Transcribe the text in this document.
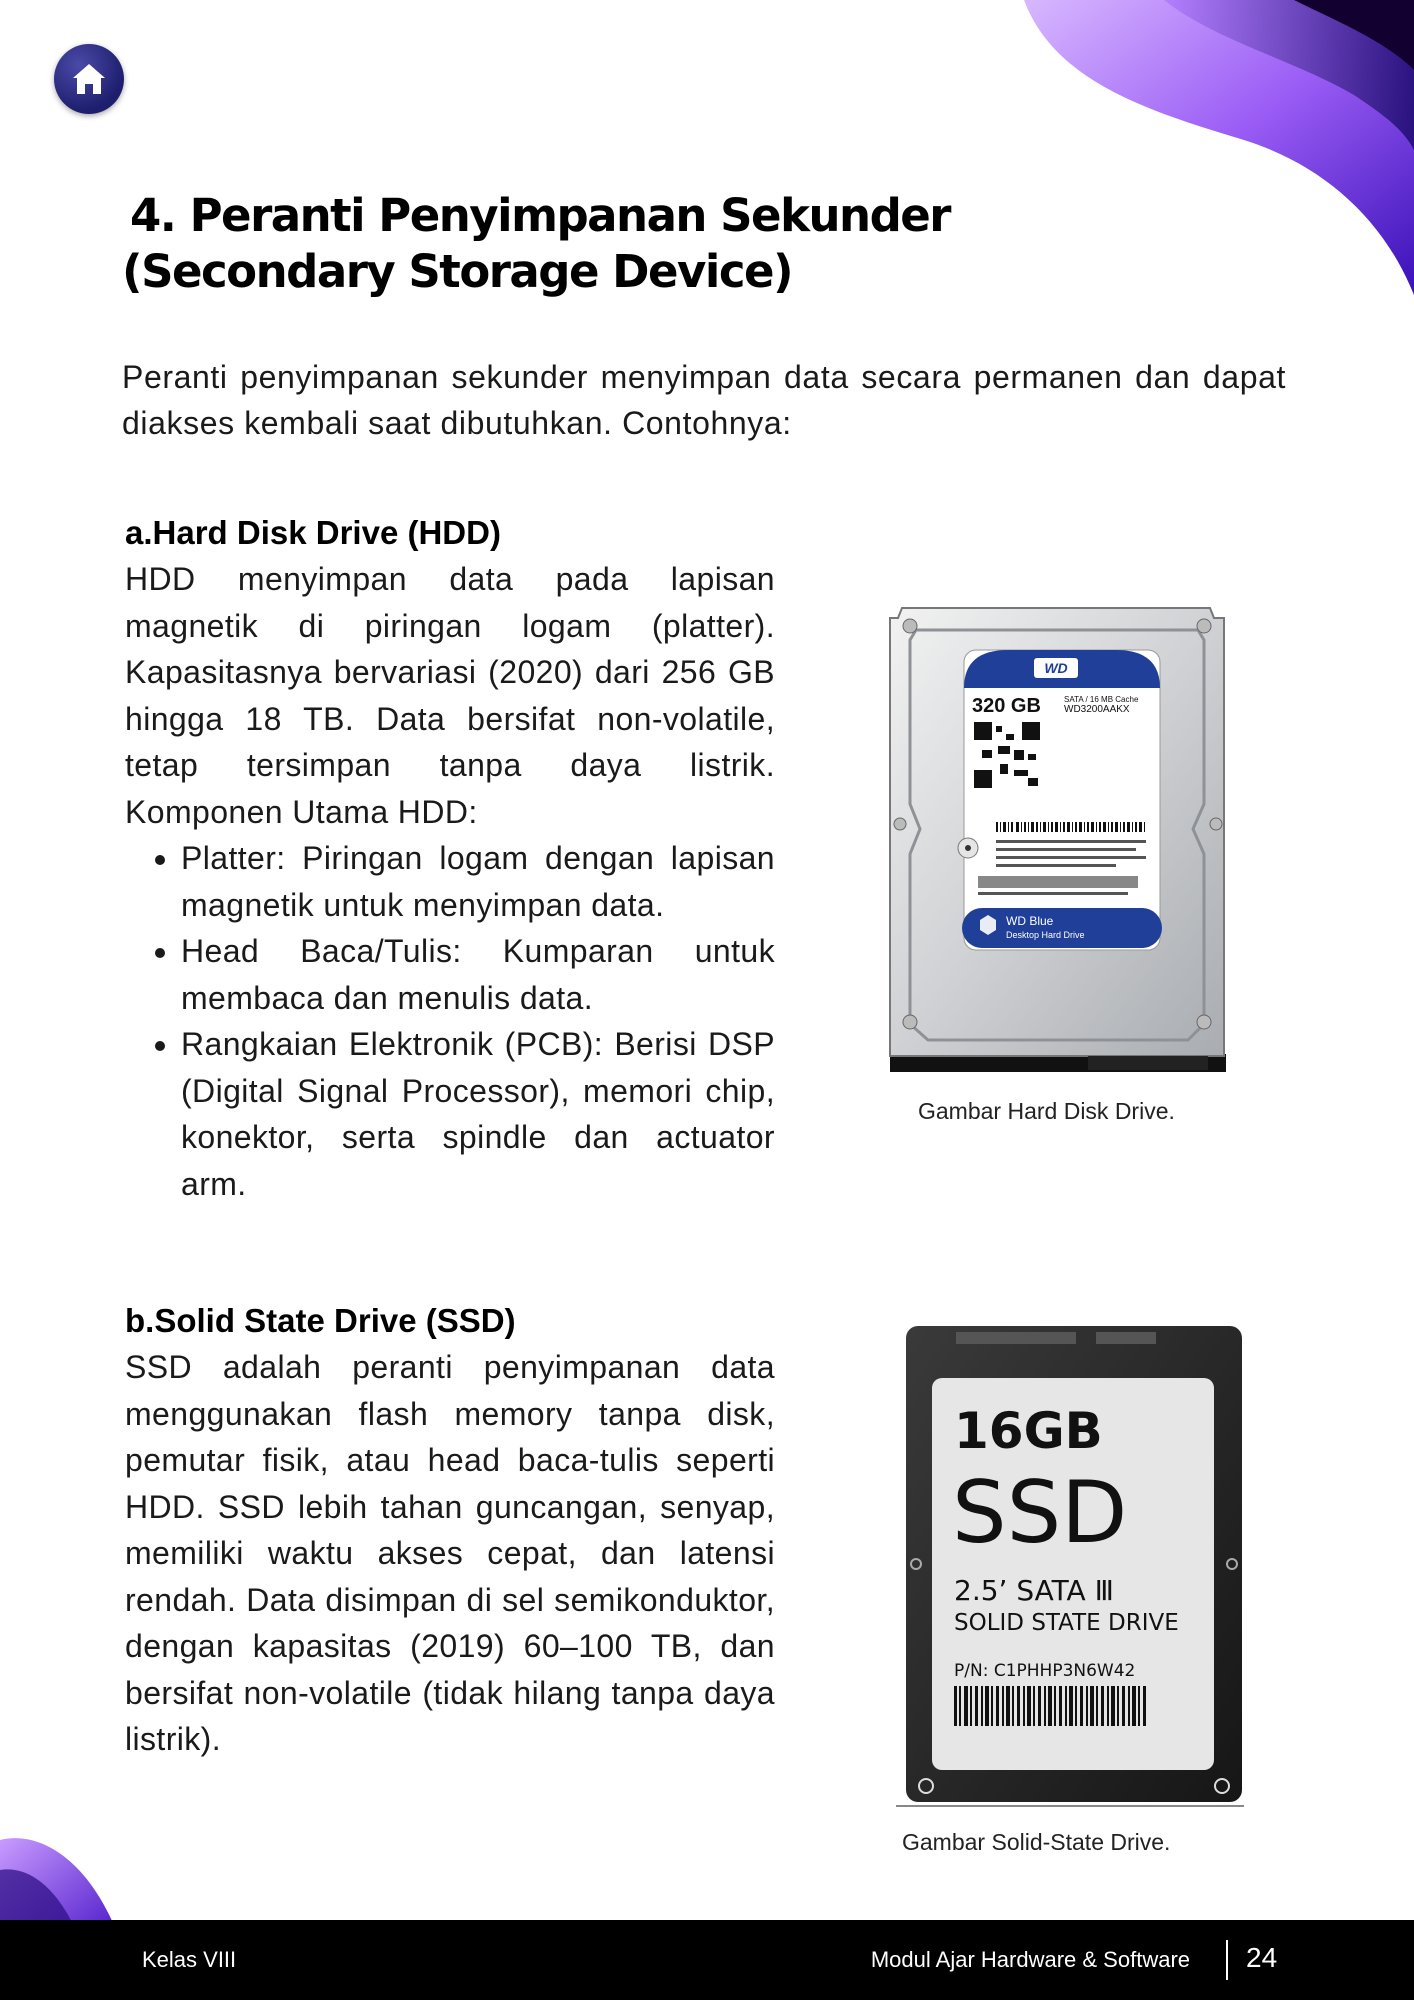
4. Peranti Penyimpanan Sekunder
(Secondary Storage Device)

Peranti penyimpanan sekunder menyimpan data secara permanen dan dapat diakses kembali saat dibutuhkan. Contohnya:

a.Hard Disk Drive (HDD)

HDD menyimpan data pada lapisan magnetik di piringan logam (platter). Kapasitasnya bervariasi (2020) dari 256 GB hingga 18 TB. Data bersifat non-volatile, tetap tersimpan tanpa daya listrik. Komponen Utama HDD:

• Platter: Piringan logam dengan lapisan magnetik untuk menyimpan data.
• Head Baca/Tulis: Kumparan untuk membaca dan menulis data.
• Rangkaian Elektronik (PCB): Berisi DSP (Digital Signal Processor), memori chip, konektor, serta spindle dan actuator arm.
WD
320 GB	SATA / 16 MB Cache
WD3200AAKX
WD Blue
Desktop Hard Drive
Gambar Hard Disk Drive.
b.Solid State Drive (SSD)

SSD adalah peranti penyimpanan data menggunakan flash memory tanpa disk, pemutar fisik, atau head baca-tulis seperti HDD. SSD lebih tahan guncangan, senyap, memiliki waktu akses cepat, dan latensi rendah. Data disimpan di sel semikonduktor, dengan kapasitas (2019) 60–100 TB, dan bersifat non-volatile (tidak hilang tanpa daya listrik).

16GB
SSD
2.5’ SATA Ⅲ
SOLID STATE DRIVE
P/N: C1PHHP3N6W42
Gambar Solid-State Drive.
Kelas VIII	Modul Ajar Hardware & Software 24
